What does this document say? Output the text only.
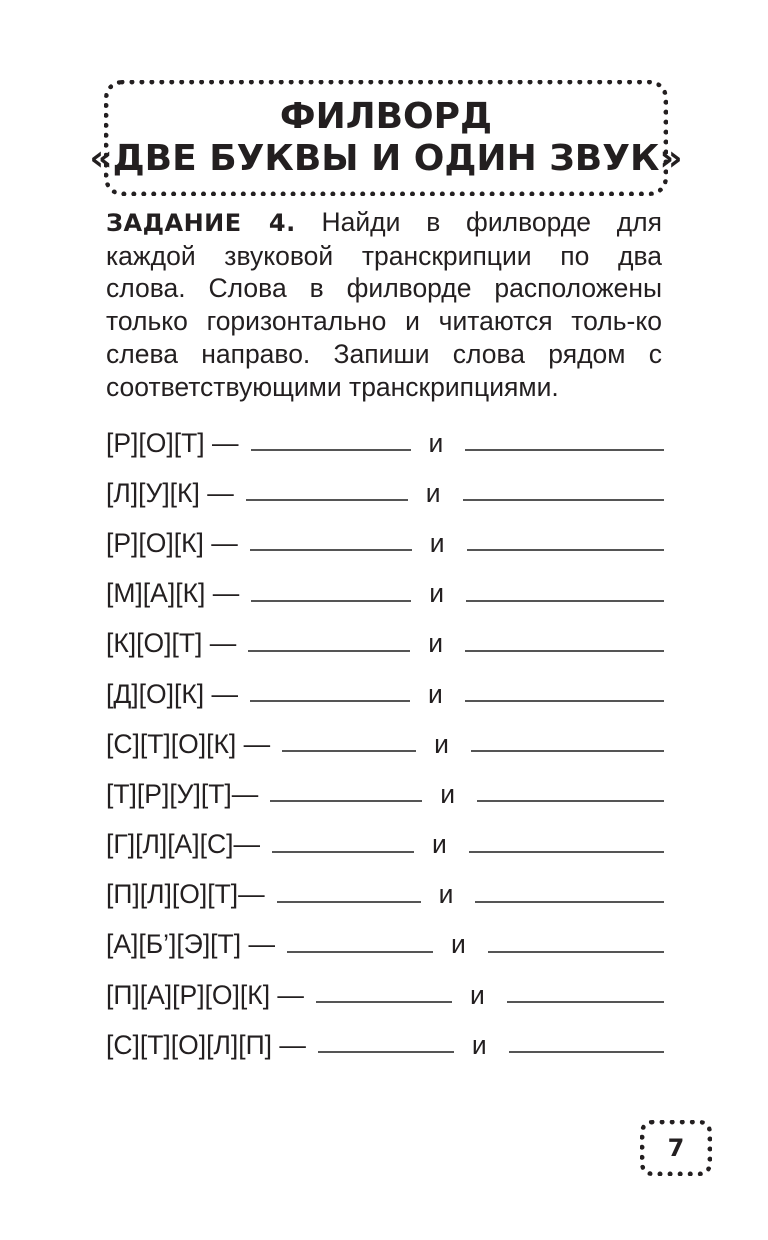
ФИЛВОРД
«ДВЕ БУКВЫ И ОДИН ЗВУК»
ЗАДАНИЕ 4. Найди в филворде для каждой звуковой транскрипции по два слова. Слова в филворде расположены только горизонтально и читаются толь-ко слева направо. Запиши слова рядом с соответствующими транскрипциями.
[Р][О][Т] —	и
[Л][У][К] —	и
[Р][О][К] —	и
[М][А][К] —	и
[К][О][Т] —	и
[Д][О][К] —	и
[С][Т][О][К] —	и
[Т][Р][У][Т]—	и
[Г][Л][А][С]—	и
[П][Л][О][Т]—	и
[А][Б’][Э][Т] —	и
[П][А][Р][О][К] —	и
[С][Т][О][Л][П] —	и
7
